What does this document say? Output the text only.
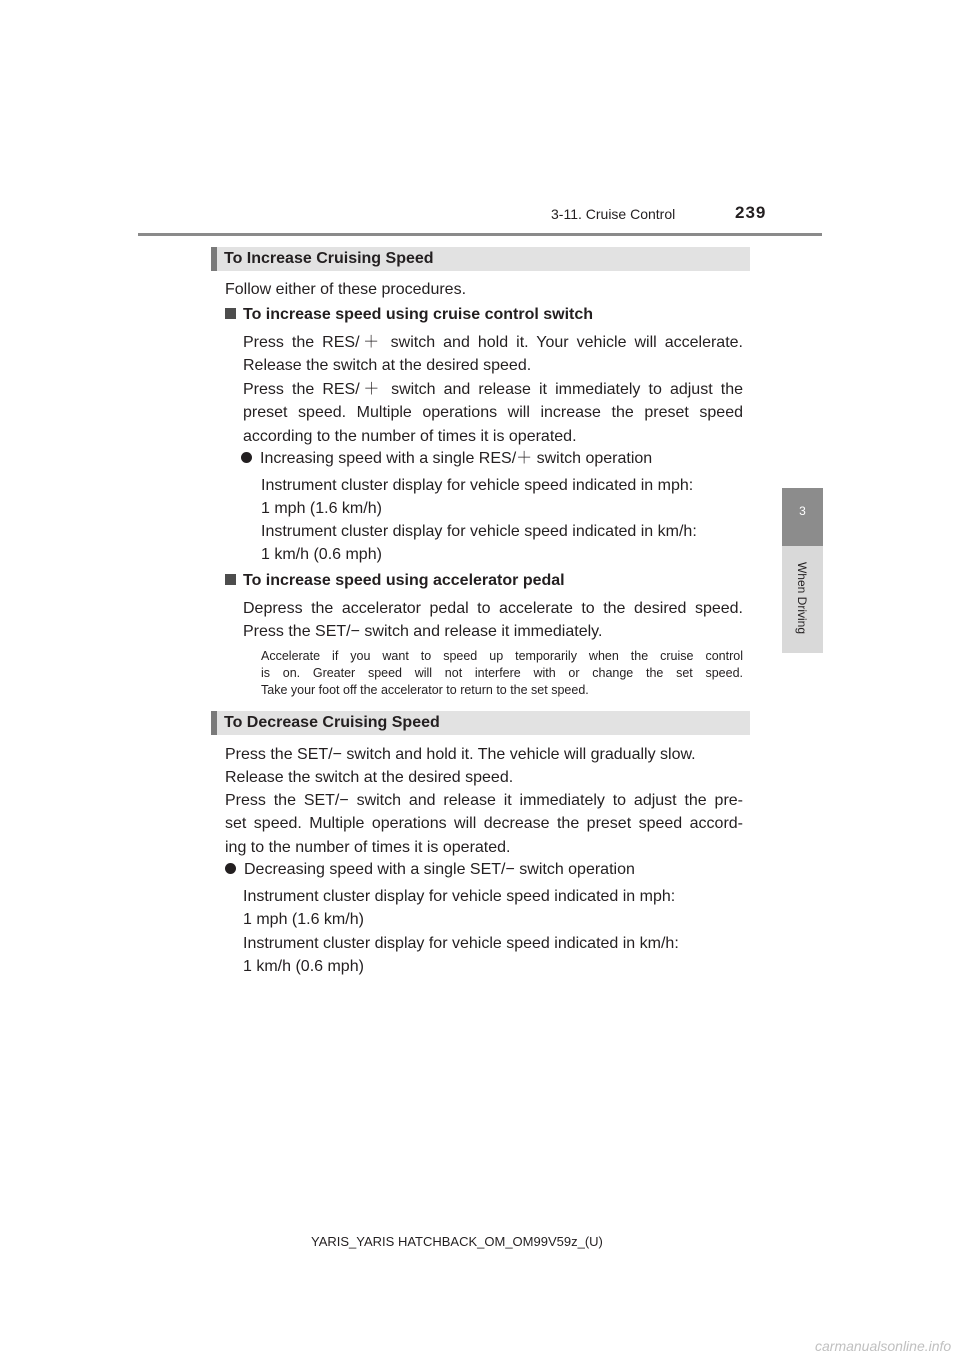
3-11. Cruise Control	239
3
When Driving
To Increase Cruising Speed
Follow either of these procedures.
To increase speed using cruise control switch
Press the RES/＋ switch and hold it. Your vehicle will accelerate.
Release the switch at the desired speed.
Press the RES/＋ switch and release it immediately to adjust the
preset speed. Multiple operations will increase the preset speed
according to the number of times it is operated.
Increasing speed with a single RES/＋ switch operation
Instrument cluster display for vehicle speed indicated in mph:
1 mph (1.6 km/h)
Instrument cluster display for vehicle speed indicated in km/h:
1 km/h (0.6 mph)
To increase speed using accelerator pedal
Depress the accelerator pedal to accelerate to the desired speed.
Press the SET/− switch and release it immediately.
Accelerate if you want to speed up temporarily when the cruise control
is on. Greater speed will not interfere with or change the set speed.
Take your foot off the accelerator to return to the set speed.
To Decrease Cruising Speed
Press the SET/− switch and hold it. The vehicle will gradually slow.
Release the switch at the desired speed.
Press the SET/− switch and release it immediately to adjust the pre-
set speed. Multiple operations will decrease the preset speed accord-
ing to the number of times it is operated.
Decreasing speed with a single SET/− switch operation
Instrument cluster display for vehicle speed indicated in mph:
1 mph (1.6 km/h)
Instrument cluster display for vehicle speed indicated in km/h:
1 km/h (0.6 mph)
YARIS_YARIS HATCHBACK_OM_OM99V59z_(U)
carmanualsonline.info
